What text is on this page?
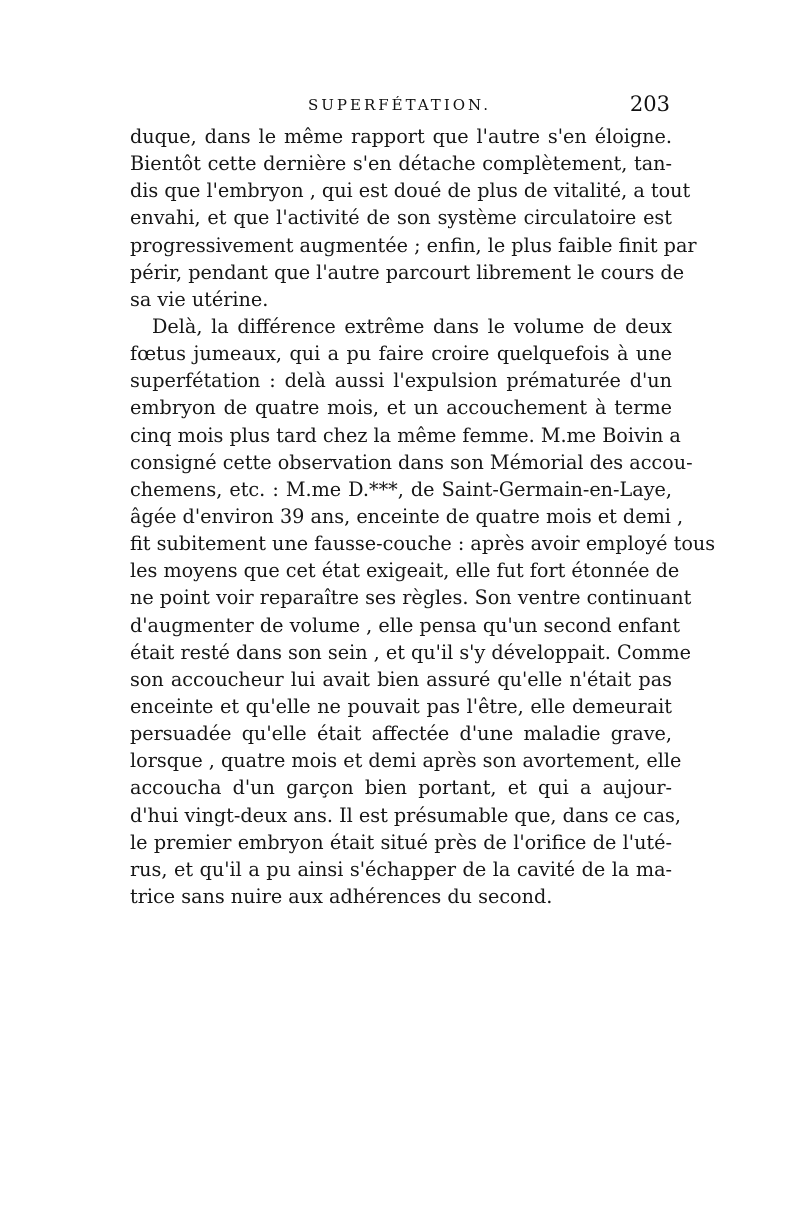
SUPERFÉTATION.	203
duque, dans le même rapport que l'autre s'en éloigne.
Bientôt cette dernière s'en détache complètement, tan-
dis que l'embryon , qui est doué de plus de vitalité, a tout
envahi, et que l'activité de son système circulatoire est
progressivement augmentée ; enfin, le plus faible finit par
périr, pendant que l'autre parcourt librement le cours de
sa vie utérine.
Delà, la différence extrême dans le volume de deux
fœtus jumeaux, qui a pu faire croire quelquefois à une
superfétation : delà aussi l'expulsion prématurée d'un
embryon de quatre mois, et un accouchement à terme
cinq mois plus tard chez la même femme. M.me Boivin a
consigné cette observation dans son Mémorial des accou-
chemens, etc. : M.me D.***, de Saint-Germain-en-Laye,
âgée d'environ 39 ans, enceinte de quatre mois et demi ,
fit subitement une fausse-couche : après avoir employé tous
les moyens que cet état exigeait, elle fut fort étonnée de
ne point voir reparaître ses règles. Son ventre continuant
d'augmenter de volume , elle pensa qu'un second enfant
était resté dans son sein , et qu'il s'y développait. Comme
son accoucheur lui avait bien assuré qu'elle n'était pas
enceinte et qu'elle ne pouvait pas l'être, elle demeurait
persuadée qu'elle était affectée d'une maladie grave,
lorsque , quatre mois et demi après son avortement, elle
accoucha d'un garçon bien portant, et qui a aujour-
d'hui vingt-deux ans. Il est présumable que, dans ce cas,
le premier embryon était situé près de l'orifice de l'uté-
rus, et qu'il a pu ainsi s'échapper de la cavité de la ma-
trice sans nuire aux adhérences du second.
